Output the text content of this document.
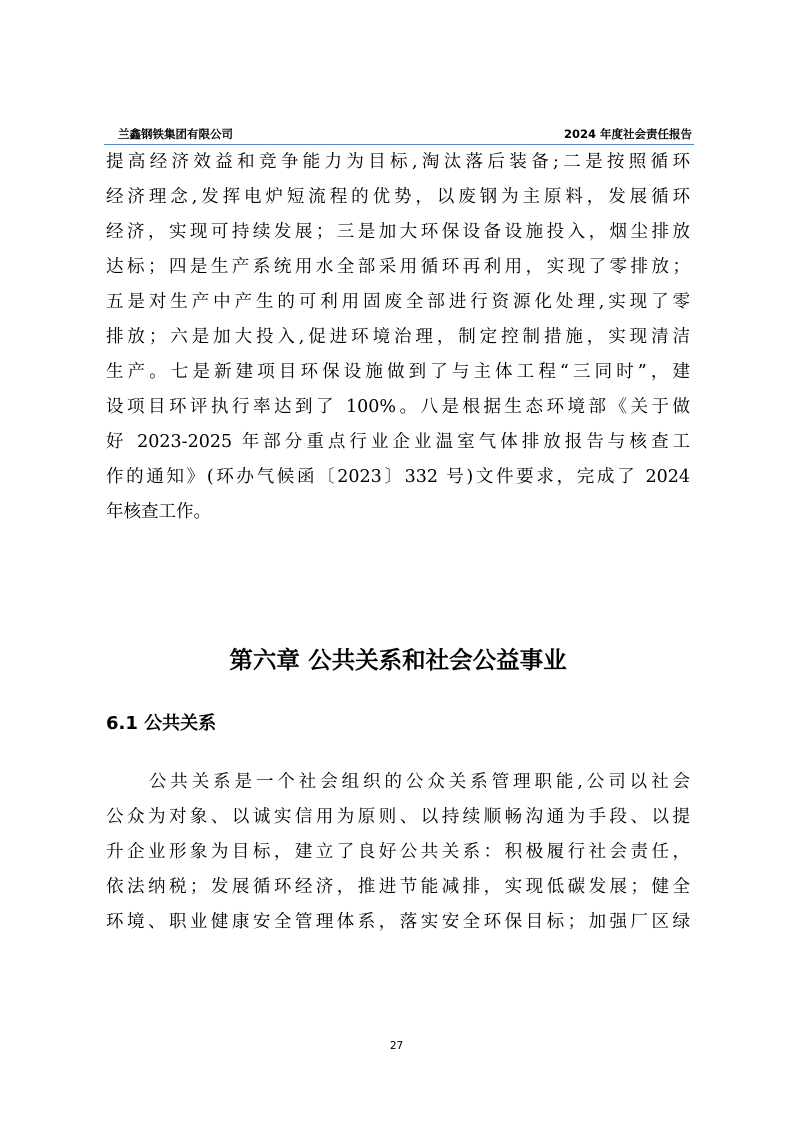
兰鑫钢铁集团有限公司	2024 年度社会责任报告
提高经济效益和竞争能力为目标,淘汰落后装备;二是按照循环
经济理念,发挥电炉短流程的优势，以废钢为主原料，发展循环
经济，实现可持续发展；三是加大环保设备设施投入，烟尘排放
达标；四是生产系统用水全部采用循环再利用，实现了零排放；
五是对生产中产生的可利用固废全部进行资源化处理,实现了零
排放；六是加大投入,促进环境治理，制定控制措施，实现清洁
生产。七是新建项目环保设施做到了与主体工程“三同时”，建
设项目环评执行率达到了 100%。八是根据生态环境部《关于做
好 2023-2025 年部分重点行业企业温室气体排放报告与核查工
作的通知》(环办气候函〔2023〕332 号)文件要求，完成了 2024
年核查工作。
第六章 公共关系和社会公益事业
6.1 公共关系
　　公共关系是一个社会组织的公众关系管理职能,公司以社会
公众为对象、以诚实信用为原则、以持续顺畅沟通为手段、以提
升企业形象为目标，建立了良好公共关系：积极履行社会责任，
依法纳税；发展循环经济，推进节能减排，实现低碳发展；健全
环境、职业健康安全管理体系，落实安全环保目标；加强厂区绿
27
